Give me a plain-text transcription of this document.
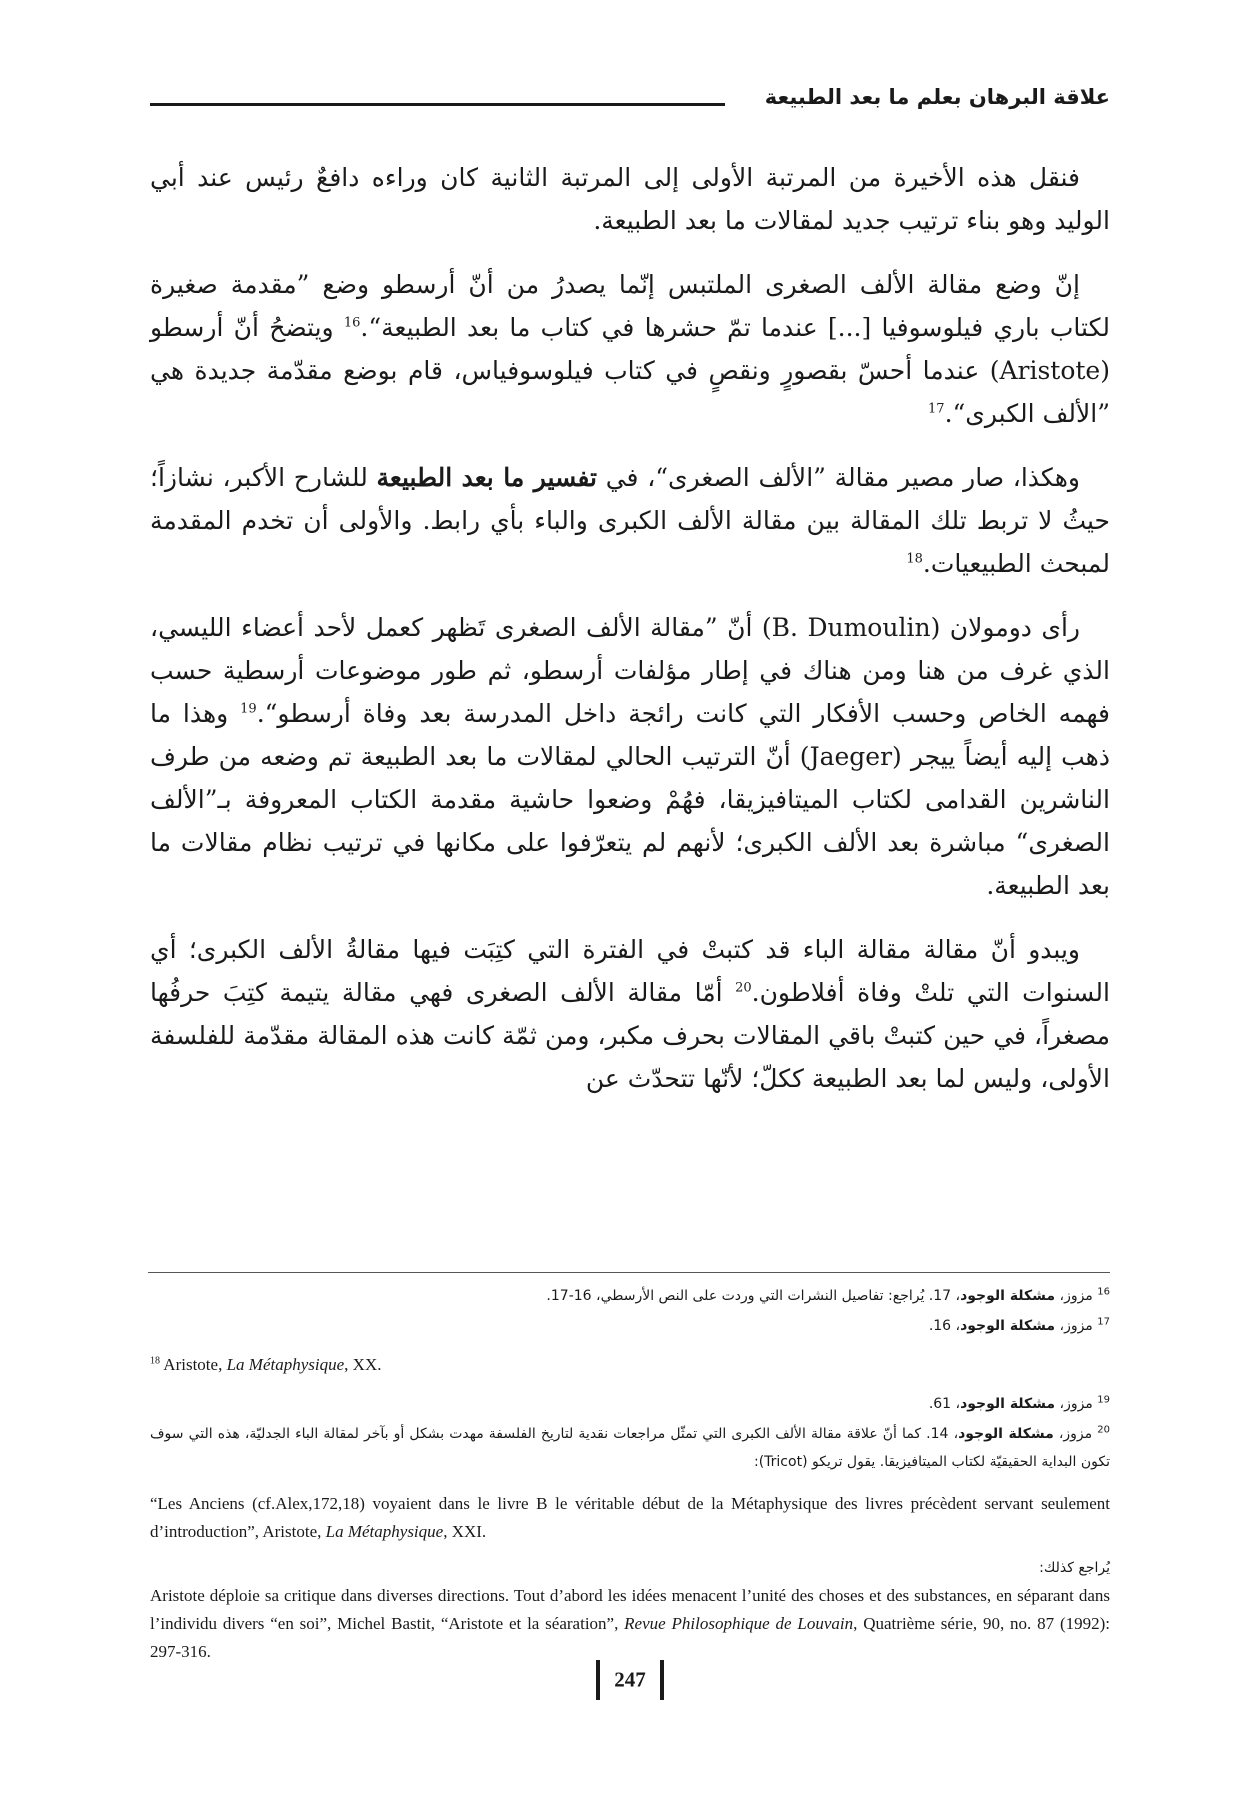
علاقة البرهان بعلم ما بعد الطبيعة

فنقل هذه الأخيرة من المرتبة الأولى إلى المرتبة الثانية كان وراءه دافعٌ رئيس عند أبي الوليد وهو بناء ترتيب جديد لمقالات ما بعد الطبيعة.

إنّ وضع مقالة الألف الصغرى الملتبس إنّما يصدرُ من أنّ أرسطو وضع ”مقدمة صغيرة لكتاب باري فيلوسوفيا [...] عندما تمّ حشرها في كتاب ما بعد الطبيعة“.$^{16}$ ويتضحُ أنّ أرسطو (Aristote) عندما أحسّ بقصورٍ ونقصٍ في كتاب فيلوسوفياس، قام بوضع مقدّمة جديدة هي ”الألف الكبرى“.$^{17}$

وهكذا، صار مصير مقالة ”الألف الصغرى“، في تفسير ما بعد الطبيعة للشارح الأكبر، نشازاً؛ حيثُ لا تربط تلك المقالة بين مقالة الألف الكبرى والباء بأي رابط. والأولى أن تخدم المقدمة لمبحث الطبيعيات.$^{18}$

رأى دومولان (B. Dumoulin) أنّ ”مقالة الألف الصغرى تَظهر كعمل لأحد أعضاء الليسي، الذي غرف من هنا ومن هناك في إطار مؤلفات أرسطو، ثم طور موضوعات أرسطية حسب فهمه الخاص وحسب الأفكار التي كانت رائجة داخل المدرسة بعد وفاة أرسطو“.$^{19}$ وهذا ما ذهب إليه أيضاً ييجر (Jaeger) أنّ الترتيب الحالي لمقالات ما بعد الطبيعة تم وضعه من طرف الناشرين القدامى لكتاب الميتافيزيقا، فهُمْ وضعوا حاشية مقدمة الكتاب المعروفة بـ”الألف الصغرى“ مباشرة بعد الألف الكبرى؛ لأنهم لم يتعرّفوا على مكانها في ترتيب نظام مقالات ما بعد الطبيعة.

ويبدو أنّ مقالة مقالة الباء قد كتبتْ في الفترة التي كتِبَت فيها مقالةُ الألف الكبرى؛ أي السنوات التي تلتْ وفاة أفلاطون.$^{20}$ أمّا مقالة الألف الصغرى فهي مقالة يتيمة كتِبَ حرفُها مصغراً، في حين كتبتْ باقي المقالات بحرف مكبر، ومن ثمّة كانت هذه المقالة مقدّمة للفلسفة الأولى، وليس لما بعد الطبيعة ككلّ؛ لأنّها تتحدّث عن

$^{16}$ مزوز، مشكلة الوجود، 17. يُراجع: تفاصيل النشرات التي وردت على النص الأرسطي، 16-17.
$^{17}$ مزوز، مشكلة الوجود، 16.
$^{18}$ Aristote, La Métaphysique, XX.
$^{19}$ مزوز، مشكلة الوجود، 61.
$^{20}$ مزوز، مشكلة الوجود، 14. كما أنّ علاقة مقالة الألف الكبرى التي تمثّل مراجعات نقدية لتاريخ الفلسفة مهدت بشكل أو بآخر لمقالة الباء الجدليّة، هذه التي سوف تكون البداية الحقيقيّة لكتاب الميتافيزيقا. يقول تريكو (Tricot):
“Les Anciens (cf.Alex,172,18) voyaient dans le livre B le véritable début de la Métaphysique des livres précèdent servant seulement d’introduction”, Aristote, La Métaphysique, XXI.
يُراجع كذلك:
Aristote déploie sa critique dans diverses directions. Tout d’abord les idées menacent l’unité des choses et des substances, en séparant dans l’individu divers “en soi”, Michel Bastit, “Aristote et la séaration”, Revue Philosophique de Louvain, Quatrième série, 90, no. 87 (1992): 297-316.
247
